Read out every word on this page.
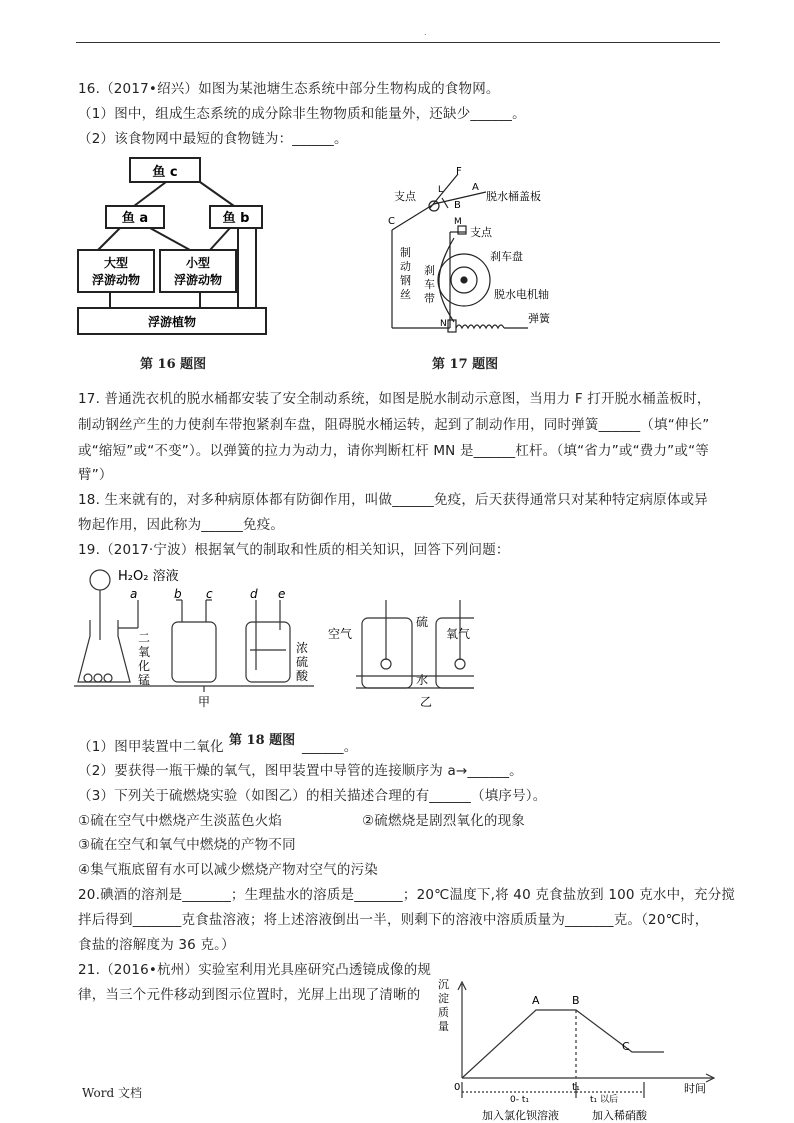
.
16.（2017•绍兴）如图为某池塘生态系统中部分生物构成的食物网。
（1）图中，组成生态系统的成分除非生物物质和能量外，还缺少______。
（2）该食物网中最短的食物链为：______。
鱼 c
鱼 a	鱼 b
大型
浮游动物
小型
浮游动物
浮游植物
第 16 题图
支点
F
L	A
B
脱水桶盖板
C	M
支点
制
动
钢
丝
刹
车
带
刹车盘
脱水电机轴
N	弹簧
第 17 题图
17. 普通洗衣机的脱水桶都安装了安全制动系统，如图是脱水制动示意图，当用力 F 打开脱水桶盖板时，
制动钢丝产生的力使刹车带抱紧刹车盘，阻碍脱水桶运转，起到了制动作用，同时弹簧______（填“伸长”
或“缩短”或“不变”）。以弹簧的拉力为动力，请你判断杠杆 MN 是______杠杆。（填“省力”或“费力”或“等
臂”）
18. 生来就有的，对多种病原体都有防御作用，叫做______免疫，后天获得通常只对某种特定病原体或异
物起作用，因此称为______免疫。
19.（2017·宁波）根据氧气的制取和性质的相关知识，回答下列问题：
H₂O₂ 溶液
a	b c	d e
二
氧
化
锰
浓
硫
酸
甲
空气
硫
水
氧气
乙
（1）图甲装置中二氧化 第 18 题图 ______。
（2）要获得一瓶干燥的氧气，图甲装置中导管的连接顺序为 a→______。
（3）下列关于硫燃烧实验（如图乙）的相关描述合理的有______（填序号）。
①硫在空气中燃烧产生淡蓝色火焰	②硫燃烧是剧烈氧化的现象
③硫在空气和氧气中燃烧的产物不同
④集气瓶底留有水可以减少燃烧产物对空气的污染
20.碘酒的溶剂是_______；生理盐水的溶质是_______；20℃温度下,将 40 克食盐放到 100 克水中，充分搅
拌后得到_______克食盐溶液；将上述溶液倒出一半，则剩下的溶液中溶质质量为_______克。（20℃时，
食盐的溶解度为 36 克。）
21.（2016•杭州）实验室利用光具座研究凸透镜成像的规
律，当三个元件移动到图示位置时，光屏上出现了清晰的
沉
淀
质
量
A	B
C
0	t₁	时间
0- t₁	t₁ 以后
加入氯化钡溶液	加入稀硝酸
Word 文档
